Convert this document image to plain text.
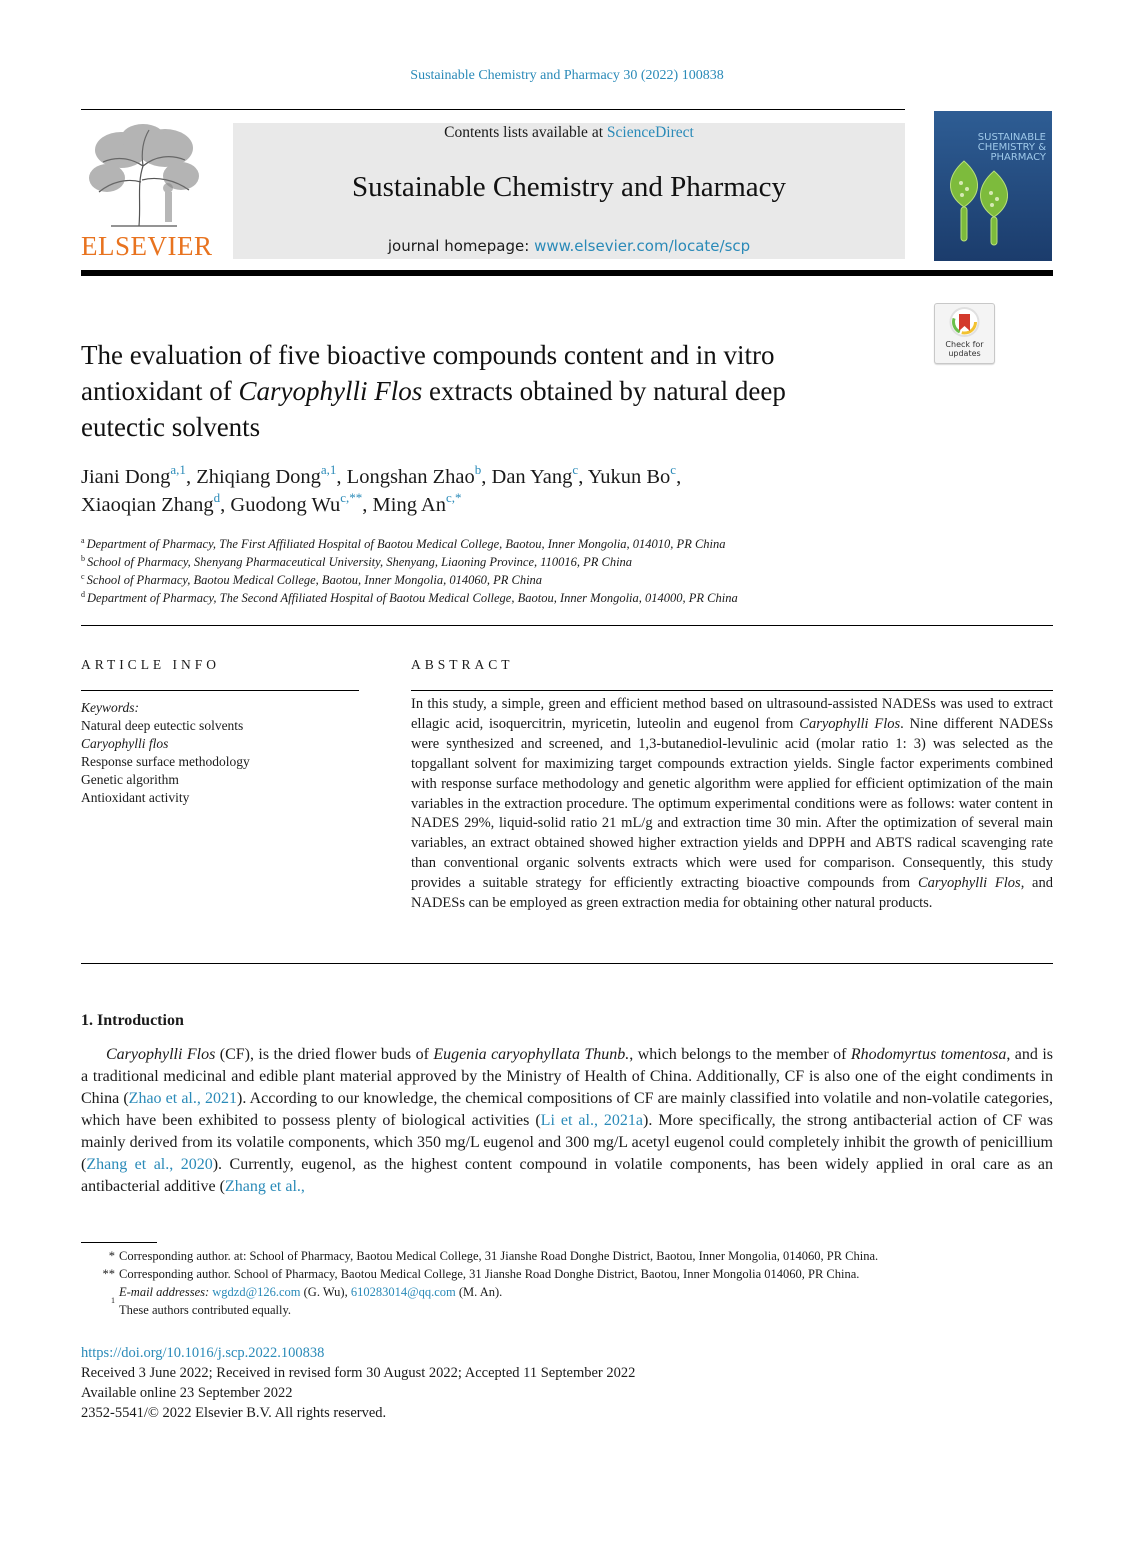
Sustainable Chemistry and Pharmacy 30 (2022) 100838
ELSEVIER
Contents lists available at ScienceDirect
Sustainable Chemistry and Pharmacy
journal homepage: www.elsevier.com/locate/scp
SUSTAINABLE
CHEMISTRY &
PHARMACY
Check for updates
The evaluation of five bioactive compounds content and in vitro
antioxidant of Caryophylli Flos extracts obtained by natural deep
eutectic solvents
Jiani Dong$^{a,1}$, Zhiqiang Dong$^{a,1}$, Longshan Zhao$^b$, Dan Yang$^c$, Yukun Bo$^c$,
Xiaoqian Zhang$^d$, Guodong $Wu^{c,**}$, Ming $An^{c,*}$
$^a$ Department of Pharmacy, The First Affiliated Hospital of Baotou Medical College, Baotou, Inner Mongolia, 014010, PR China
$^b$ School of Pharmacy, Shenyang Pharmaceutical University, Shenyang, Liaoning Province, 110016, PR China
$^c$ School of Pharmacy, Baotou Medical College, Baotou, Inner Mongolia, 014060, PR China
$^d$ Department of Pharmacy, The Second Affiliated Hospital of Baotou Medical College, Baotou, Inner Mongolia, 014000, PR China
ARTICLE INFO	ABSTRACT
Keywords:
Natural deep eutectic solvents
Caryophylli flos
Response surface methodology
Genetic algorithm
Antioxidant activity
In this study, a simple, green and efficient method based on ultrasound-assisted NADESs was used to extract ellagic acid, isoquercitrin, myricetin, luteolin and eugenol from Caryophylli Flos. Nine different NADESs were synthesized and screened, and 1,3-butanediol-levulinic acid (molar ratio 1: 3) was selected as the topgallant solvent for maximizing target compounds extraction yields. Single factor experiments combined with response surface methodology and genetic algorithm were applied for efficient optimization of the main variables in the extraction procedure. The optimum experimental conditions were as follows: water content in NADES 29%, liquid-solid ratio 21 mL/g and extraction time 30 min. After the optimization of several main variables, an extract obtained showed higher extraction yields and DPPH and ABTS radical scavenging rate than conventional organic solvents extracts which were used for comparison. Consequently, this study provides a suitable strategy for efficiently extracting bioactive compounds from Caryophylli Flos, and NADESs can be employed as green extraction media for obtaining other natural products.
1. Introduction
Caryophylli Flos (CF), is the dried flower buds of Eugenia caryophyllata Thunb., which belongs to the member of Rhodomyrtus tomentosa, and is a traditional medicinal and edible plant material approved by the Ministry of Health of China. Additionally, CF is also one of the eight condiments in China (Zhao et al., 2021). According to our knowledge, the chemical compositions of CF are mainly classified into volatile and non-volatile categories, which have been exhibited to possess plenty of biological activities (Li et al., 2021a). More specifically, the strong antibacterial action of CF was mainly derived from its volatile components, which 350 mg/L eugenol and 300 mg/L acetyl eugenol could completely inhibit the growth of penicillium (Zhang et al., 2020). Currently, eugenol, as the highest content compound in volatile components, has been widely applied in oral care as an antibacterial additive (Zhang et al.,
* Corresponding author. at: School of Pharmacy, Baotou Medical College, 31 Jianshe Road Donghe District, Baotou, Inner Mongolia, 014060, PR China.
** Corresponding author. School of Pharmacy, Baotou Medical College, 31 Jianshe Road Donghe District, Baotou, Inner Mongolia 014060, PR China.
E-mail addresses: wgdzd@126.com (G. Wu), 610283014@qq.com (M. An).
1
These authors contributed equally.
https://doi.org/10.1016/j.scp.2022.100838
Received 3 June 2022; Received in revised form 30 August 2022; Accepted 11 September 2022
Available online 23 September 2022
2352-5541/© 2022 Elsevier B.V. All rights reserved.
